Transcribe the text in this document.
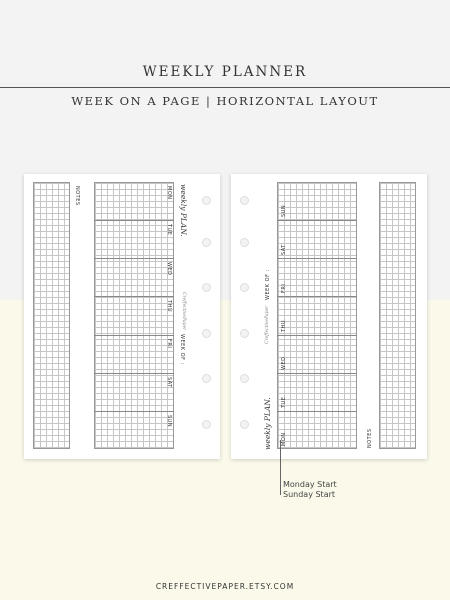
WEEKLY PLANNER
WEEK ON A PAGE | HORIZONTAL LAYOUT
NOTES	MON
TUE
WED
THU
FRI
SAT
SUN
weekly PLAN.
CreffectivePaper
WEEK OF :
WEEK OF :
CreffectivePaper
weekly PLAN.
SUN
SAT
FRI
THU
WED
TUE
MON	NOTES
Monday Start
Sunday Start
CREFFECTIVEPAPER.ETSY.COM
